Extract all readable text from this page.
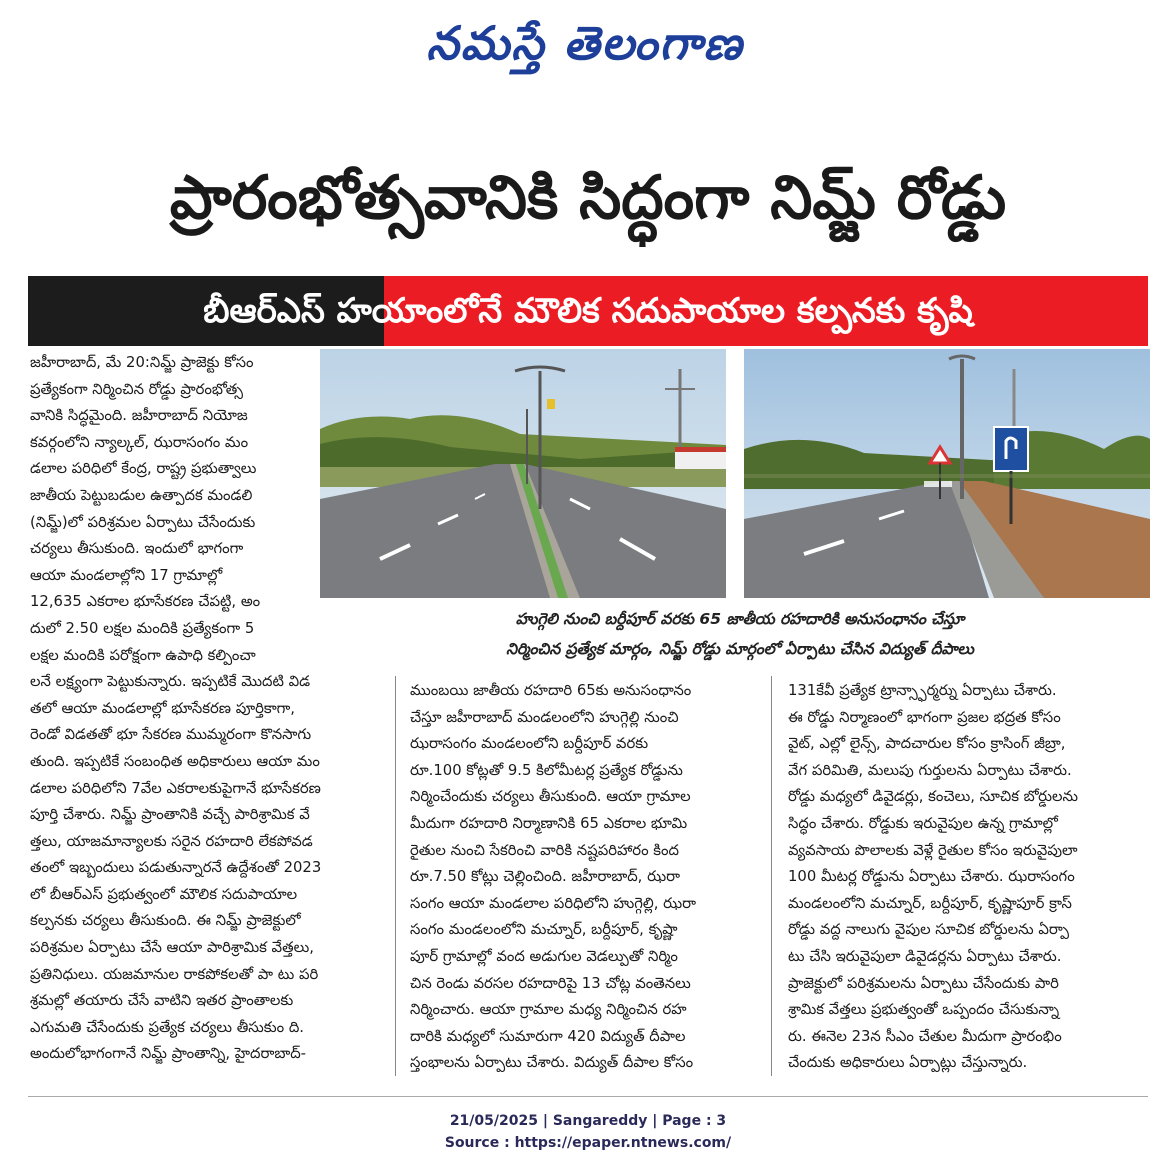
నమస్తే తెలంగాణ
ప్రారంభోత్సవానికి సిద్ధంగా నిమ్జ్ రోడ్డు
బీఆర్ఎస్ హయాంలోనే మౌలిక సదుపాయాల కల్పనకు కృషి
హుగ్గెలి నుంచి బర్దీపూర్ వరకు 65 జాతీయ రహదారికి అనుసంధానం చేస్తూ
నిర్మించిన ప్రత్యేక మార్గం, నిమ్జ్ రోడ్డు మార్గంలో ఏర్పాటు చేసిన విద్యుత్ దీపాలు
జహీరాబాద్, మే 20:నిమ్జ్ ప్రాజెక్టు కోసం
ప్రత్యేకంగా నిర్మించిన రోడ్డు ప్రారంభోత్స
వానికి సిద్ధమైంది. జహీరాబాద్ నియోజ
కవర్గంలోని న్యాల్కల్, ఝరాసంగం మం
డలాల పరిధిలో కేంద్ర, రాష్ట్ర ప్రభుత్వాలు
జాతీయ పెట్టుబడుల ఉత్పాదక మండలి
(నిమ్జ్)లో పరిశ్రమల ఏర్పాటు చేసేందుకు
చర్యలు తీసుకుంది. ఇందులో భాగంగా
ఆయా మండలాల్లోని 17 గ్రామాల్లో
12,635 ఎకరాల భూసేకరణ చేపట్టి, అం
దులో 2.50 లక్షల మందికి ప్రత్యేకంగా 5
లక్షల మందికి పరోక్షంగా ఉపాధి కల్పించా
లనే లక్ష్యంగా పెట్టుకున్నారు. ఇప్పటికే మొదటి విడ
తలో ఆయా మండలాల్లో భూసేకరణ పూర్తికాగా,
రెండో విడతతో భూ సేకరణ ముమ్మరంగా కొనసాగు
తుంది. ఇప్పటికే సంబంధిత అధికారులు ఆయా మం
డలాల పరిధిలోని 7వేల ఎకరాలకుపైగానే భూసేకరణ
పూర్తి చేశారు. నిమ్జ్ ప్రాంతానికి వచ్చే పారిశ్రామిక వే
త్తలు, యాజమాన్యాలకు సరైన రహదారి లేకపోవడ
తంలో ఇబ్బందులు పడుతున్నారనే ఉద్దేశంతో 2023
లో బీఆర్ఎస్ ప్రభుత్వంలో మౌలిక సదుపాయాల
కల్పనకు చర్యలు తీసుకుంది. ఈ నిమ్జ్ ప్రాజెక్టులో
పరిశ్రమల ఏర్పాటు చేసే ఆయా పారిశ్రామిక వేత్తలు,
ప్రతినిధులు. యజమానుల రాకపోకలతో పా టు పరి
శ్రమల్లో తయారు చేసే వాటిని ఇతర ప్రాంతాలకు
ఎగుమతి చేసేందుకు ప్రత్యేక చర్యలు తీసుకుం ది.
అందులోభాగంగానే నిమ్జ్ ప్రాంతాన్ని, హైదరాబాద్-
ముంబయి జాతీయ రహదారి 65కు అనుసంధానం
చేస్తూ జహీరాబాద్ మండలంలోని హుగ్గెల్లి నుంచి
ఝరాసంగం మండలంలోని బర్దీపూర్ వరకు
రూ.100 కోట్లతో 9.5 కిలోమీటర్ల ప్రత్యేక రోడ్డును
నిర్మించేందుకు చర్యలు తీసుకుంది. ఆయా గ్రామాల
మీదుగా రహదారి నిర్మాణానికి 65 ఎకరాల భూమి
రైతుల నుంచి సేకరించి వారికి నష్టపరిహారం కింద
రూ.7.50 కోట్లు చెల్లించింది. జహీరాబాద్, ఝరా
సంగం ఆయా మండలాల పరిధిలోని హుగ్గెల్లి, ఝరా
సంగం మండలంలోని మచ్నూర్, బర్దీపూర్, కృష్ణా
పూర్ గ్రామాల్లో వంద అడుగుల వెడల్పుతో నిర్మిం
చిన రెండు వరసల రహదారిపై 13 చోట్ల వంతెనలు
నిర్మించారు. ఆయా గ్రామాల మధ్య నిర్మించిన రహ
దారికి మధ్యలో సుమారుగా 420 విద్యుత్ దీపాల
స్తంభాలను ఏర్పాటు చేశారు. విద్యుత్ దీపాల కోసం
131కేవీ ప్రత్యేక ట్రాన్స్ఫార్మర్ను ఏర్పాటు చేశారు.
ఈ రోడ్డు నిర్మాణంలో భాగంగా ప్రజల భద్రత కోసం
వైట్, ఎల్లో లైన్స్, పాదచారుల కోసం క్రాసింగ్ జీబ్రా,
వేగ పరిమితి, మలుపు గుర్తులను ఏర్పాటు చేశారు.
రోడ్డు మధ్యలో డివైడర్లు, కంచెలు, సూచిక బోర్డులను
సిద్ధం చేశారు. రోడ్డుకు ఇరువైపుల ఉన్న గ్రామాల్లో
వ్యవసాయ పొలాలకు వెళ్లే రైతుల కోసం ఇరువైపులా
100 మీటర్ల రోడ్డును ఏర్పాటు చేశారు. ఝరాసంగం
మండలంలోని మచ్నూర్, బర్దీపూర్, కృష్ణాపూర్ క్రాస్
రోడ్డు వద్ద నాలుగు వైపుల సూచిక బోర్డులను ఏర్పా
టు చేసి ఇరువైపులా డివైడర్లను ఏర్పాటు చేశారు.
ప్రాజెక్టులో పరిశ్రమలను ఏర్పాటు చేసేందుకు పారి
శ్రామిక వేత్తలు ప్రభుత్వంతో ఒప్పందం చేసుకున్నా
రు. ఈనెల 23న సీఎం చేతుల మీదుగా ప్రారంభిం
చేందుకు అధికారులు ఏర్పాట్లు చేస్తున్నారు.
21/05/2025 | Sangareddy | Page : 3
Source : https://epaper.ntnews.com/
